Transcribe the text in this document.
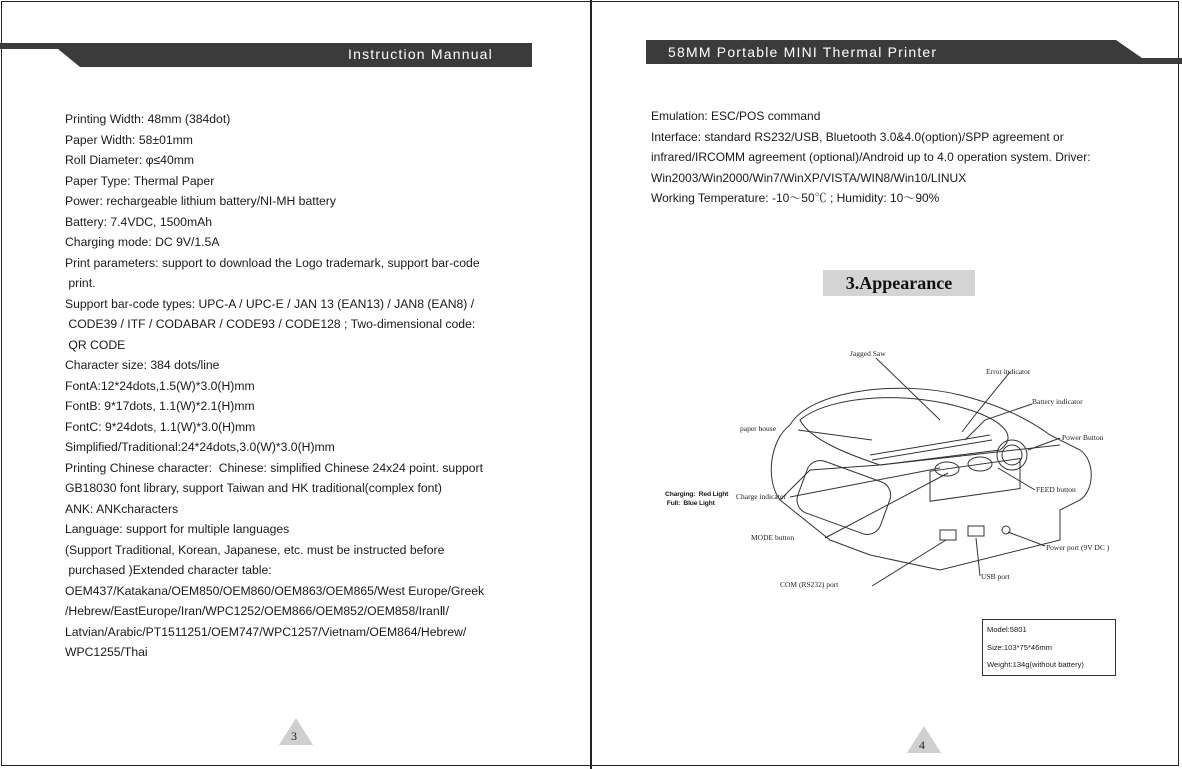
Instruction Mannual
Printing Width: 48mm (384dot)
Paper Width: 58±01mm
Roll Diameter: φ≤40mm
Paper Type: Thermal Paper
Power: rechargeable lithium battery/NI-MH battery
Battery: 7.4VDC, 1500mAh
Charging mode: DC 9V/1.5A
Print parameters: support to download the Logo trademark, support bar-code
print.
Support bar-code types: UPC-A / UPC-E / JAN 13 (EAN13) / JAN8 (EAN8) /
CODE39 / ITF / CODABAR / CODE93 / CODE128 ; Two-dimensional code:
QR CODE
Character size: 384 dots/line
FontA:12*24dots,1.5(W)*3.0(H)mm
FontB: 9*17dots, 1.1(W)*2.1(H)mm
FontC: 9*24dots, 1.1(W)*3.0(H)mm
Simplified/Traditional:24*24dots,3.0(W)*3.0(H)mm
Printing Chinese character:  Chinese: simplified Chinese 24x24 point. support
GB18030 font library, support Taiwan and HK traditional(complex font)
ANK: ANKcharacters
Language: support for multiple languages
(Support Traditional, Korean, Japanese, etc. must be instructed before
purchased )Extended character table:
OEM437/Katakana/OEM850/OEM860/OEM863/OEM865/West Europe/Greek
/Hebrew/EastEurope/Iran/WPC1252/OEM866/OEM852/OEM858/IranⅡ/
Latvian/Arabic/PT1511251/OEM747/WPC1257/Vietnam/OEM864/Hebrew/
WPC1255/Thai
3
58MM Portable MINI Thermal Printer
Emulation: ESC/POS command
Interface: standard RS232/USB, Bluetooth 3.0&4.0(option)/SPP agreement or
infrared/IRCOMM agreement (optional)/Android up to 4.0 operation system. Driver:
Win2003/Win2000/Win7/WinXP/VISTA/WIN8/Win10/LINUX
Working Temperature: -10～50℃ ; Humidity: 10～90%
3.Appearance
Jagged Saw
Error indicator
Battery indicator
Power Button
paper house
FEED button
Charge indicator
MODE button
Power port (9V DC )
USB port
COM (RS232) port
Charging:  Red Light
Full:  Blue Light
Model:5801
Size:103*75*46mm
Weight:134g(without battery)
4
